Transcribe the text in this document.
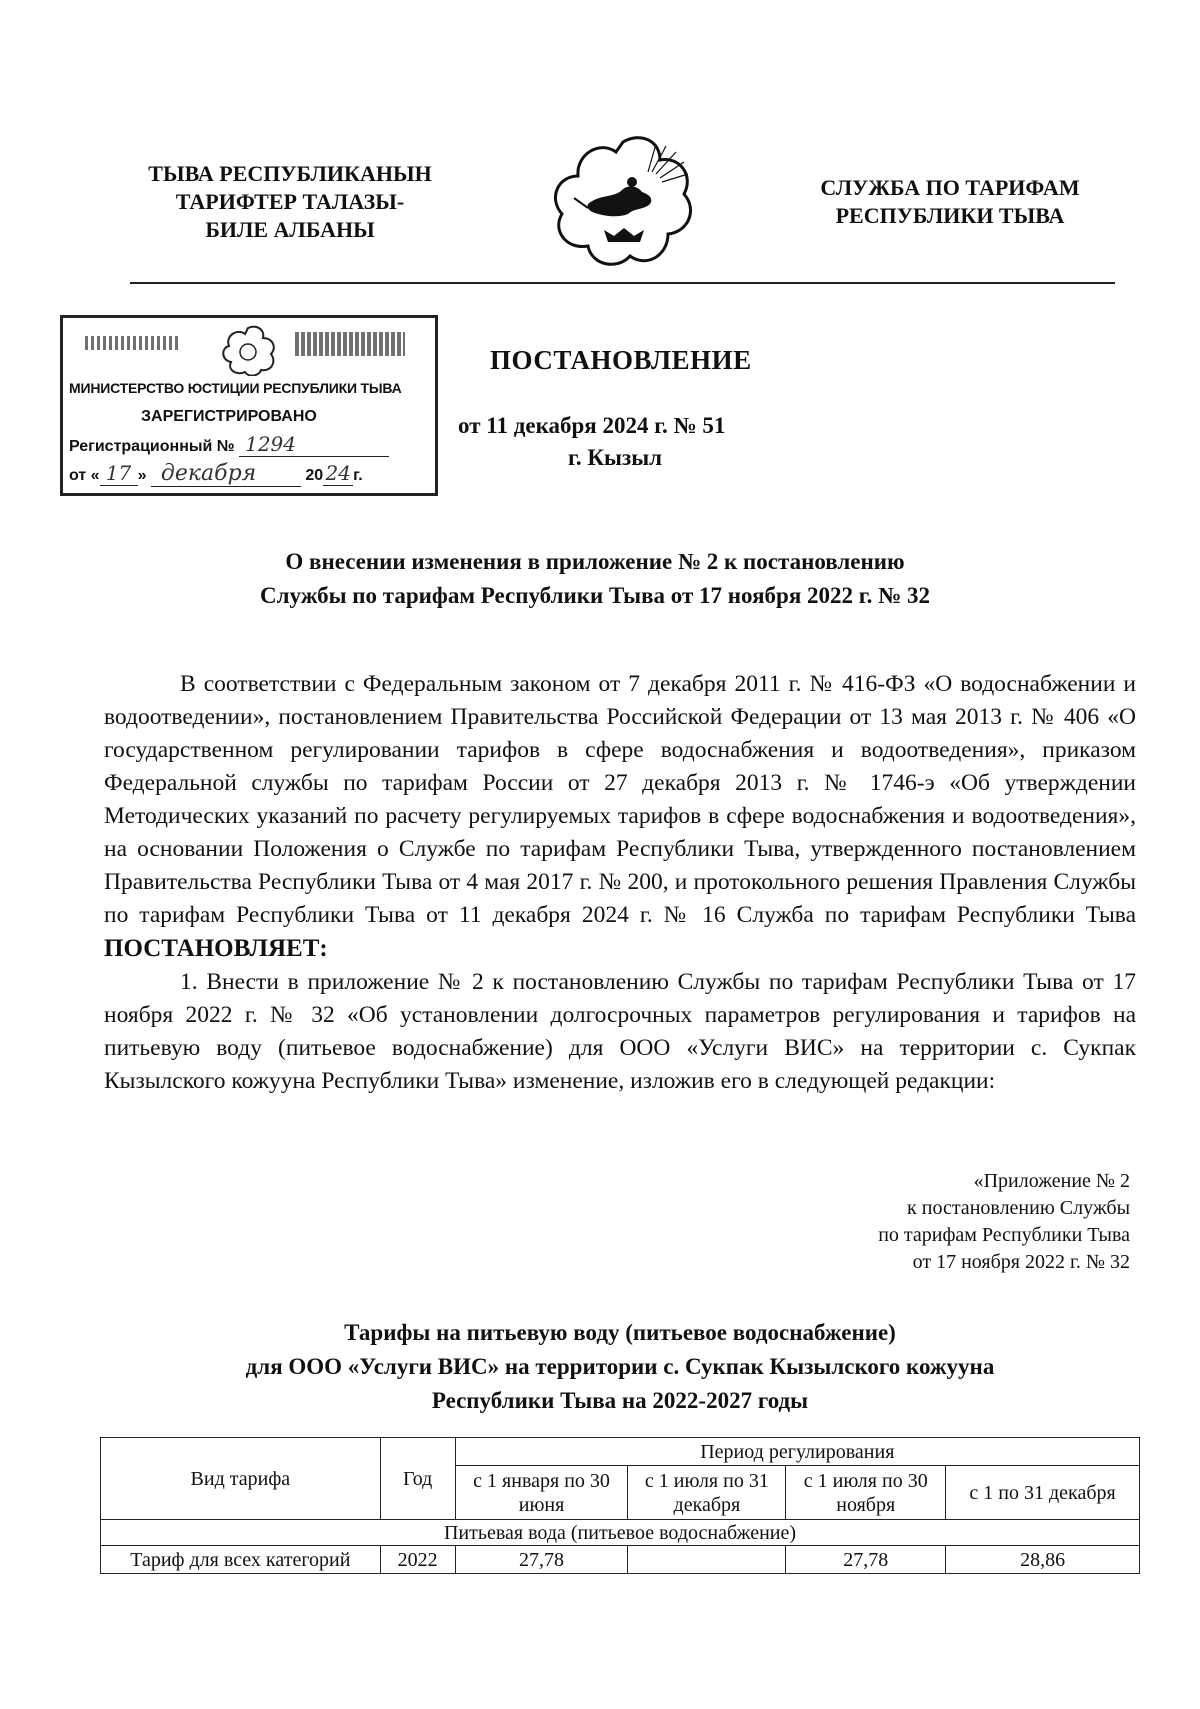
ТЫВА РЕСПУБЛИКАНЫН
ТАРИФТЕР ТАЛАЗЫ-
БИЛЕ АЛБАНЫ
СЛУЖБА ПО ТАРИФАМ
РЕСПУБЛИКИ ТЫВА
МИНИСТЕРСТВО ЮСТИЦИИ РЕСПУБЛИКИ ТЫВА
ЗАРЕГИСТРИРОВАНО
Регистрационный № 1294
от « 17 » декабря	20 24 г.
ПОСТАНОВЛЕНИЕ
от 11 декабря 2024 г. № 51
г. Кызыл
О внесении изменения в приложение № 2 к постановлению
Службы по тарифам Республики Тыва от 17 ноября 2022 г. № 32

В соответствии с Федеральным законом от 7 декабря 2011 г. № 416-ФЗ «О водоснабжении и водоотведении», постановлением Правительства Российской Федерации от 13 мая 2013 г. № 406 «О государственном регулировании тарифов в сфере водоснабжения и водоотведения», приказом Федеральной службы по тарифам России от 27 декабря 2013 г. № 1746-э «Об утверждении Методических указаний по расчету регулируемых тарифов в сфере водоснабжения и водоотведения», на основании Положения о Службе по тарифам Республики Тыва, утвержденного постановлением Правительства Республики Тыва от 4 мая 2017 г. № 200, и протокольного решения Правления Службы по тарифам Республики Тыва от 11 декабря 2024 г. № 16 Служба по тарифам Республики Тыва ПОСТАНОВЛЯЕТ:

1. Внести в приложение № 2 к постановлению Службы по тарифам Республики Тыва от 17 ноября 2022 г. № 32 «Об установлении долгосрочных параметров регулирования и тарифов на питьевую воду (питьевое водоснабжение) для ООО «Услуги ВИС» на территории с. Сукпак Кызылского кожууна Республики Тыва» изменение, изложив его в следующей редакции:

«Приложение № 2
к постановлению Службы
по тарифам Республики Тыва
от 17 ноября 2022 г. № 32
Тарифы на питьевую воду (питьевое водоснабжение)
для ООО «Услуги ВИС» на территории с. Сукпак Кызылского кожууна
Республики Тыва на 2022-2027 годы
Вид тарифа	Год	Период регулирования			
		с 1 января по 30 июня	с 1 июля по 31 декабря	с 1 июля по 30 ноября	с 1 по 31 декабря
Питьевая вода (питьевое водоснабжение)					
Тариф для всех категорий	2022	27,78		27,78	28,86
